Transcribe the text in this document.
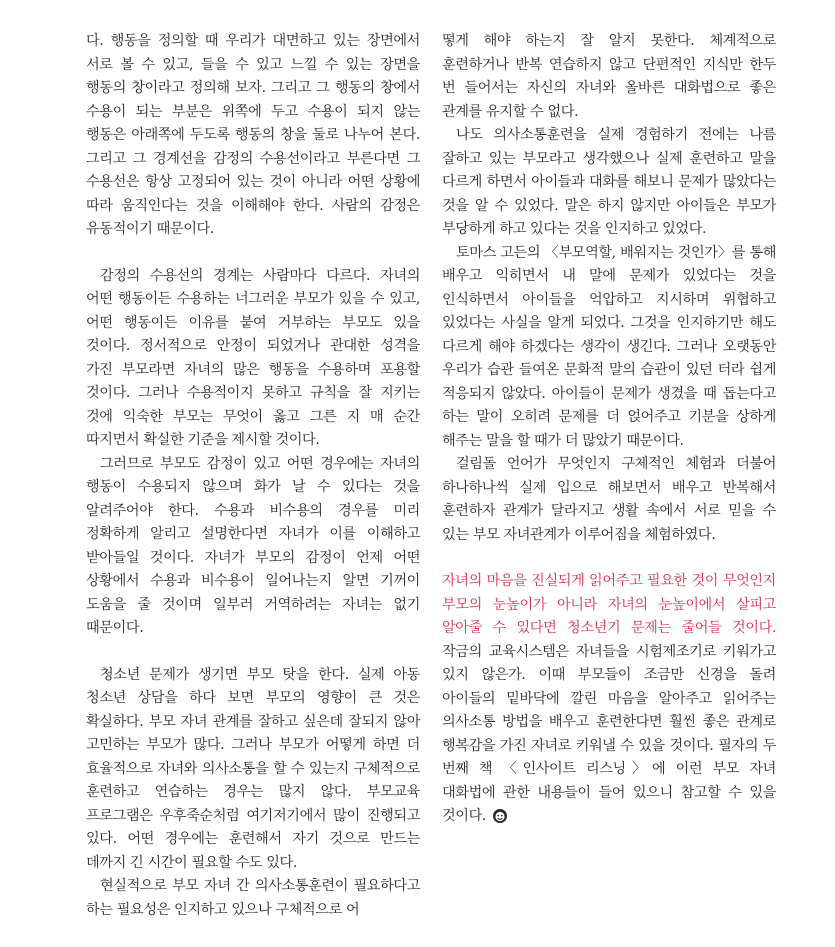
다. 행동을 정의할 때 우리가 대면하고 있는 장면에서 서로 볼 수 있고, 들을 수 있고 느낄 수 있는 장면을 행동의 창이라고 정의해 보자. 그리고 그 행동의 창에서 수용이 되는 부분은 위쪽에 두고 수용이 되지 않는 행동은 아래쪽에 두도록 행동의 창을 둘로 나누어 본다. 그리고 그 경계선을 감정의 수용선이라고 부른다면 그 수용선은 항상 고정되어 있는 것이 아니라 어떤 상황에 따라 움직인다는 것을 이해해야 한다. 사람의 감정은 유동적이기 때문이다.

감정의 수용선의 경계는 사람마다 다르다. 자녀의 어떤 행동이든 수용하는 너그러운 부모가 있을 수 있고, 어떤 행동이든 이유를 붙여 거부하는 부모도 있을 것이다. 정서적으로 안정이 되었거나 관대한 성격을 가진 부모라면 자녀의 많은 행동을 수용하며 포용할 것이다. 그러나 수용적이지 못하고 규칙을 잘 지키는 것에 익숙한 부모는 무엇이 옳고 그른 지 매 순간 따지면서 확실한 기준을 제시할 것이다.

그러므로 부모도 감정이 있고 어떤 경우에는 자녀의 행동이 수용되지 않으며 화가 날 수 있다는 것을 알려주어야 한다. 수용과 비수용의 경우를 미리 정확하게 알리고 설명한다면 자녀가 이를 이해하고 받아들일 것이다. 자녀가 부모의 감정이 언제 어떤 상황에서 수용과 비수용이 일어나는지 알면 기꺼이 도움을 줄 것이며 일부러 거역하려는 자녀는 없기 때문이다.

청소년 문제가 생기면 부모 탓을 한다. 실제 아동 청소년 상담을 하다 보면 부모의 영향이 큰 것은 확실하다. 부모 자녀 관계를 잘하고 싶은데 잘되지 않아 고민하는 부모가 많다. 그러나 부모가 어떻게 하면 더 효율적으로 자녀와 의사소통을 할 수 있는지 구체적으로 훈련하고 연습하는 경우는 많지 않다. 부모교육 프로그램은 우후죽순처럼 여기저기에서 많이 진행되고 있다. 어떤 경우에는 훈련해서 자기 것으로 만드는 데까지 긴 시간이 필요할 수도 있다.

현실적으로 부모 자녀 간 의사소통훈련이 필요하다고 하는 필요성은 인지하고 있으나 구체적으로 어

떻게 해야 하는지 잘 알지 못한다. 체계적으로 훈련하거나 반복 연습하지 않고 단편적인 지식만 한두 번 들어서는 자신의 자녀와 올바른 대화법으로 좋은 관계를 유지할 수 없다.

나도 의사소통훈련을 실제 경험하기 전에는 나름 잘하고 있는 부모라고 생각했으나 실제 훈련하고 말을 다르게 하면서 아이들과 대화를 해보니 문제가 많았다는 것을 알 수 있었다. 말은 하지 않지만 아이들은 부모가 부당하게 하고 있다는 것을 인지하고 있었다.

토마스 고든의 〈부모역할, 배워지는 것인가〉를 통해 배우고 익히면서 내 말에 문제가 있었다는 것을 인식하면서 아이들을 억압하고 지시하며 위협하고 있었다는 사실을 알게 되었다. 그것을 인지하기만 해도 다르게 해야 하겠다는 생각이 생긴다. 그러나 오랫동안 우리가 습관 들여온 문화적 말의 습관이 있던 터라 쉽게 적응되지 않았다. 아이들이 문제가 생겼을 때 돕는다고 하는 말이 오히려 문제를 더 얹어주고 기분을 상하게 해주는 말을 할 때가 더 많았기 때문이다.

걸림돌 언어가 무엇인지 구체적인 체험과 더불어 하나하나씩 실제 입으로 해보면서 배우고 반복해서 훈련하자 관계가 달라지고 생활 속에서 서로 믿을 수 있는 부모 자녀관계가 이루어짐을 체험하였다.

자녀의 마음을 진실되게 읽어주고 필요한 것이 무엇인지 부모의 눈높이가 아니라 자녀의 눈높이에서 살피고 알아줄 수 있다면 청소년기 문제는 줄어들 것이다. 작금의 교육시스템은 자녀들을 시험제조기로 키워가고 있지 않은가. 이때 부모들이 조금만 신경을 돌려 아이들의 밑바닥에 깔린 마음을 알아주고 읽어주는 의사소통 방법을 배우고 훈련한다면 훨씬 좋은 관계로 행복감을 가진 자녀로 키워낼 수 있을 것이다. 필자의 두 번째 책 〈인사이트 리스닝〉에 이런 부모 자녀 대화법에 관한 내용들이 들어 있으니 참고할 수 있을 것이다.
